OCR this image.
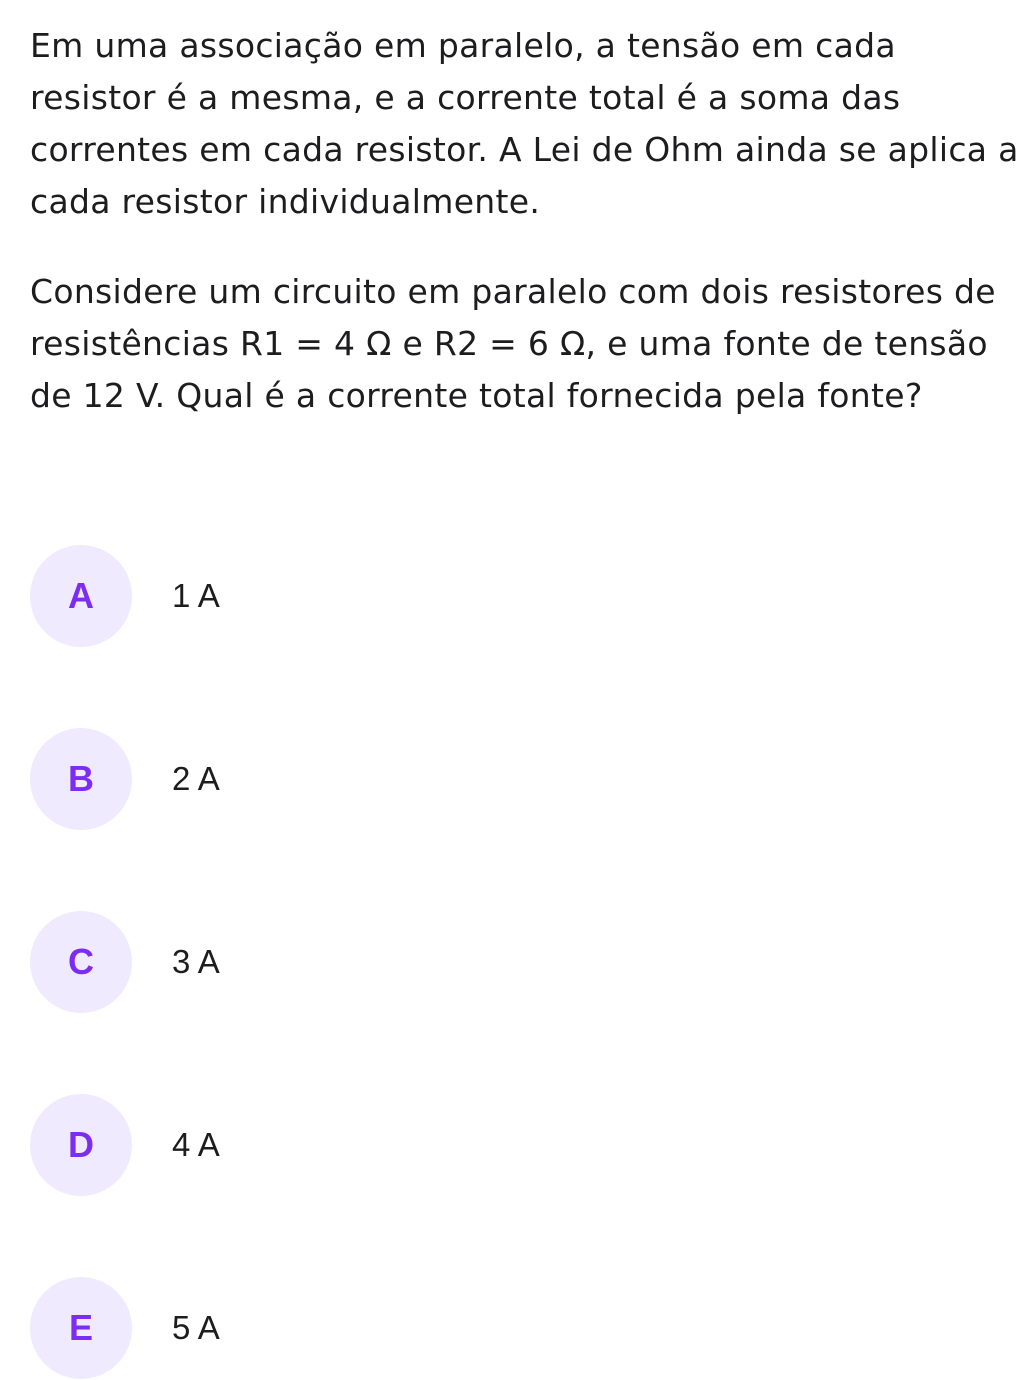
Em uma associação em paralelo, a tensão em cada resistor é a mesma, e a corrente total é a soma das correntes em cada resistor. A Lei de Ohm ainda se aplica a cada resistor individualmente.

Considere um circuito em paralelo com dois resistores de resistências R1 = 4 Ω e R2 = 6 Ω, e uma fonte de tensão de 12 V. Qual é a corrente total fornecida pela fonte?

A 1 A
B 2 A
C 3 A
D 4 A
E 5 A
